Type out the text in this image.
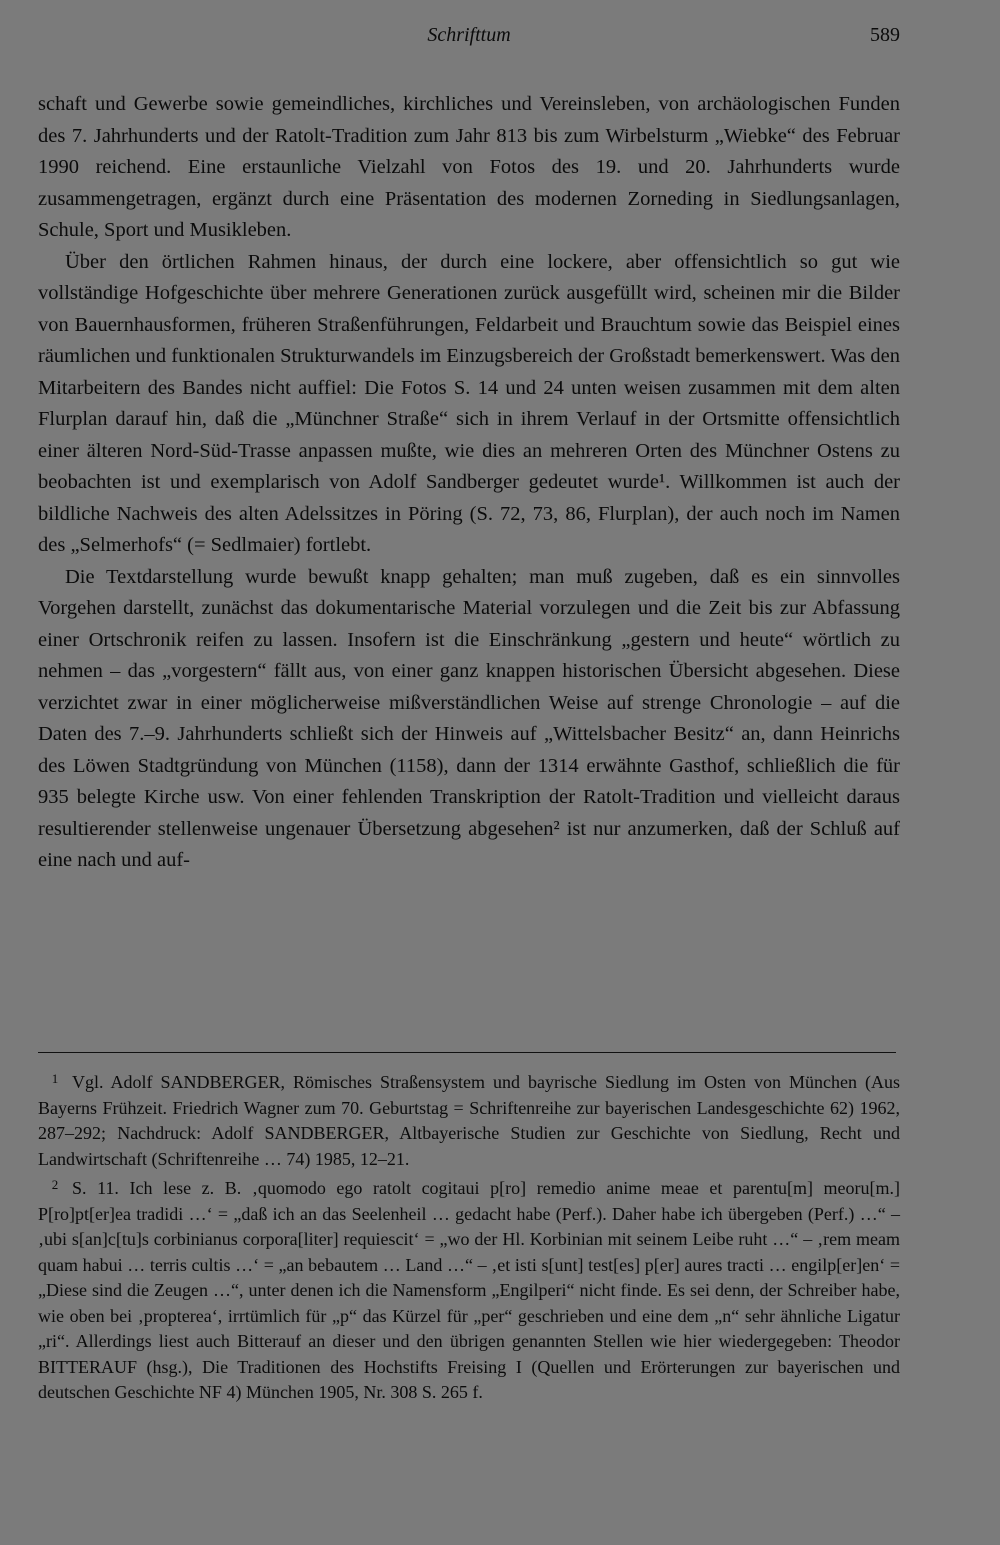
Schrifttum	589

schaft und Gewerbe sowie gemeindliches, kirchliches und Vereinsleben, von archäologischen Funden des 7. Jahrhunderts und der Ratolt-Tradition zum Jahr 813 bis zum Wirbelsturm „Wiebke“ des Februar 1990 reichend. Eine erstaunliche Vielzahl von Fotos des 19. und 20. Jahrhunderts wurde zusammengetragen, ergänzt durch eine Präsentation des modernen Zorneding in Siedlungsanlagen, Schule, Sport und Musikleben.

Über den örtlichen Rahmen hinaus, der durch eine lockere, aber offensichtlich so gut wie vollständige Hofgeschichte über mehrere Generationen zurück ausgefüllt wird, scheinen mir die Bilder von Bauernhausformen, früheren Straßenführungen, Feldarbeit und Brauchtum sowie das Beispiel eines räumlichen und funktionalen Strukturwandels im Einzugsbereich der Großstadt bemerkenswert. Was den Mitarbeitern des Bandes nicht auffiel: Die Fotos S. 14 und 24 unten weisen zusammen mit dem alten Flurplan darauf hin, daß die „Münchner Straße“ sich in ihrem Verlauf in der Ortsmitte offensichtlich einer älteren Nord-Süd-Trasse anpassen mußte, wie dies an mehreren Orten des Münchner Ostens zu beobachten ist und exemplarisch von Adolf Sandberger gedeutet wurde¹. Willkommen ist auch der bildliche Nachweis des alten Adelssitzes in Pöring (S. 72, 73, 86, Flurplan), der auch noch im Namen des „Selmerhofs“ (= Sedlmaier) fortlebt.

Die Textdarstellung wurde bewußt knapp gehalten; man muß zugeben, daß es ein sinnvolles Vorgehen darstellt, zunächst das dokumentarische Material vorzulegen und die Zeit bis zur Abfassung einer Ortschronik reifen zu lassen. Insofern ist die Einschränkung „gestern und heute“ wörtlich zu nehmen – das „vorgestern“ fällt aus, von einer ganz knappen historischen Übersicht abgesehen. Diese verzichtet zwar in einer möglicherweise mißverständlichen Weise auf strenge Chronologie – auf die Daten des 7.–9. Jahrhunderts schließt sich der Hinweis auf „Wittelsbacher Besitz“ an, dann Heinrichs des Löwen Stadtgründung von München (1158), dann der 1314 erwähnte Gasthof, schließlich die für 935 belegte Kirche usw. Von einer fehlenden Transkription der Ratolt-Tradition und vielleicht daraus resultierender stellenweise ungenauer Übersetzung abgesehen² ist nur anzumerken, daß der Schluß auf eine nach und auf-

1 Vgl. Adolf SANDBERGER, Römisches Straßensystem und bayrische Siedlung im Osten von München (Aus Bayerns Frühzeit. Friedrich Wagner zum 70. Geburtstag = Schriftenreihe zur bayerischen Landesgeschichte 62) 1962, 287–292; Nachdruck: Adolf SANDBERGER, Altbayerische Studien zur Geschichte von Siedlung, Recht und Landwirtschaft (Schriftenreihe … 74) 1985, 12–21.

2 S. 11. Ich lese z. B. ‚quomodo ego ratolt cogitaui p[ro] remedio anime meae et parentu[m] meoru[m.] P[ro]pt[er]ea tradidi …‘ = „daß ich an das Seelenheil … gedacht habe (Perf.). Daher habe ich übergeben (Perf.) …“ – ‚ubi s[an]c[tu]s corbinianus corpora[liter] requiescit‘ = „wo der Hl. Korbinian mit seinem Leibe ruht …“ – ‚rem meam quam habui … terris cultis …‘ = „an bebautem … Land …“ – ‚et isti s[unt] test[es] p[er] aures tracti … engilp[er]en‘ = „Diese sind die Zeugen …“, unter denen ich die Namensform „Engilperi“ nicht finde. Es sei denn, der Schreiber habe, wie oben bei ‚propterea‘, irrtümlich für „p“ das Kürzel für „per“ geschrieben und eine dem „n“ sehr ähnliche Ligatur „ri“. Allerdings liest auch Bitterauf an dieser und den übrigen genannten Stellen wie hier wiedergegeben: Theodor BITTERAUF (hsg.), Die Traditionen des Hochstifts Freising I (Quellen und Erörterungen zur bayerischen und deutschen Geschichte NF 4) München 1905, Nr. 308 S. 265 f.
